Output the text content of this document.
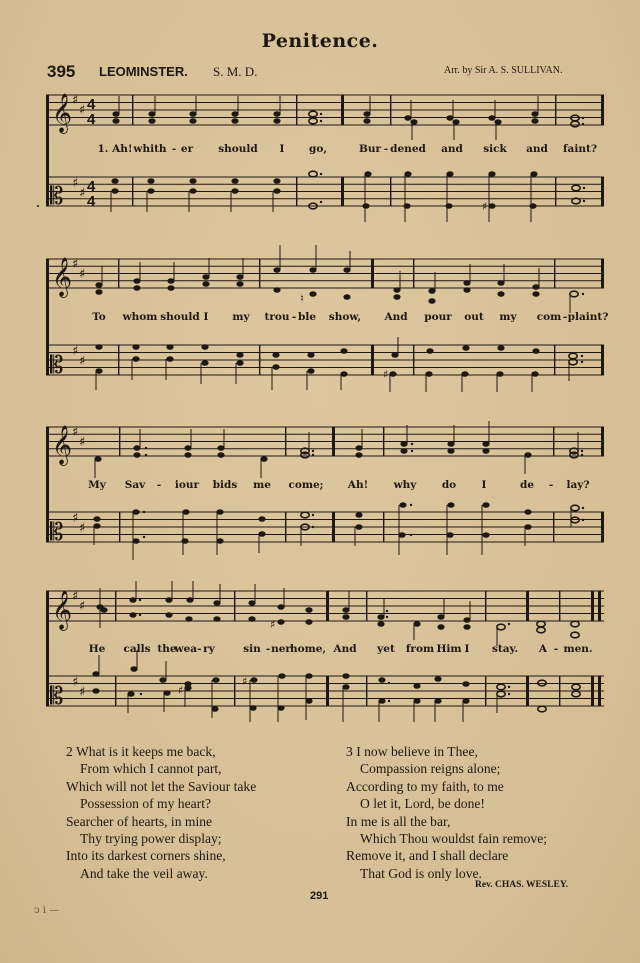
Penitence.
395 LEOMINSTER. S. M. D.	Arr. by Sir A. S. SULLIVAN.
𝄞
𝄡
♯
♯
♯
♯
4
4
4
4	♯
1. Ah! whith - er should I go,	Bur - dened and sick and faint?
𝄞
𝄡
♯
♯
♯
♯
♮
♯
To whom should I my trou - ble show, And pour out my com - plaint?
𝄞
𝄡
♯
♯
♯
♯
My Sav - iour bids me come; Ah! why do I	de - lay?
𝄞
𝄡
♯
♯
♯
♯
♯
♯
♯
He calls the
wea- ry	sin - ner home, And yet from Him I stay. A - men.
2 What is it keeps me back,
From which I cannot part,
Which will not let the Saviour take
Possession of my heart?
Searcher of hearts, in mine
Thy trying power display;
Into its darkest corners shine,
And take the veil away.
3 I now believe in Thee,
Compassion reigns alone;
According to my faith, to me
O let it, Lord, be done!
In me is all the bar,
Which Thou wouldst fain remove;
Remove it, and I shall declare
That God is only love.
Rev. CHAS. WESLEY.
291
ↄ i —
